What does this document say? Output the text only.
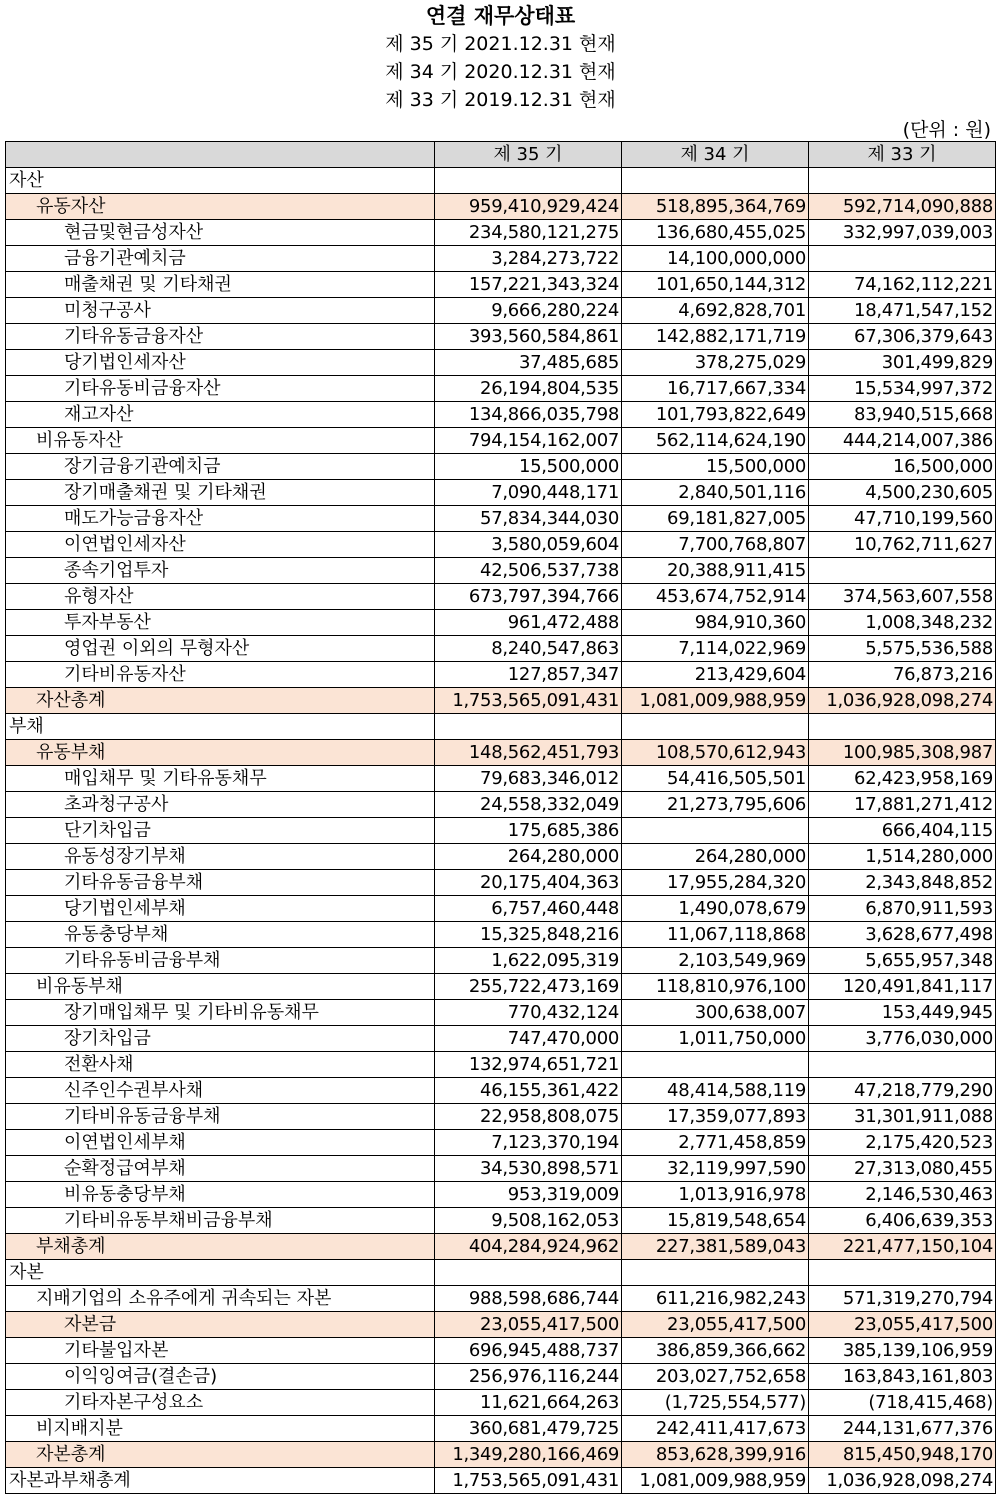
연결 재무상태표
제 35 기 2021.12.31 현재
제 34 기 2020.12.31 현재
제 33 기 2019.12.31 현재
(단위 : 원)
	제 35 기	제 34 기	제 33 기
자산			
유동자산	959,410,929,424	518,895,364,769	592,714,090,888
현금및현금성자산	234,580,121,275	136,680,455,025	332,997,039,003
금융기관예치금	3,284,273,722	14,100,000,000	
매출채권 및 기타채권	157,221,343,324	101,650,144,312	74,162,112,221
미청구공사	9,666,280,224	4,692,828,701	18,471,547,152
기타유동금융자산	393,560,584,861	142,882,171,719	67,306,379,643
당기법인세자산	37,485,685	378,275,029	301,499,829
기타유동비금융자산	26,194,804,535	16,717,667,334	15,534,997,372
재고자산	134,866,035,798	101,793,822,649	83,940,515,668
비유동자산	794,154,162,007	562,114,624,190	444,214,007,386
장기금융기관예치금	15,500,000	15,500,000	16,500,000
장기매출채권 및 기타채권	7,090,448,171	2,840,501,116	4,500,230,605
매도가능금융자산	57,834,344,030	69,181,827,005	47,710,199,560
이연법인세자산	3,580,059,604	7,700,768,807	10,762,711,627
종속기업투자	42,506,537,738	20,388,911,415	
유형자산	673,797,394,766	453,674,752,914	374,563,607,558
투자부동산	961,472,488	984,910,360	1,008,348,232
영업권 이외의 무형자산	8,240,547,863	7,114,022,969	5,575,536,588
기타비유동자산	127,857,347	213,429,604	76,873,216
자산총계	1,753,565,091,431	1,081,009,988,959	1,036,928,098,274
부채			
유동부채	148,562,451,793	108,570,612,943	100,985,308,987
매입채무 및 기타유동채무	79,683,346,012	54,416,505,501	62,423,958,169
초과청구공사	24,558,332,049	21,273,795,606	17,881,271,412
단기차입금	175,685,386		666,404,115
유동성장기부채	264,280,000	264,280,000	1,514,280,000
기타유동금융부채	20,175,404,363	17,955,284,320	2,343,848,852
당기법인세부채	6,757,460,448	1,490,078,679	6,870,911,593
유동충당부채	15,325,848,216	11,067,118,868	3,628,677,498
기타유동비금융부채	1,622,095,319	2,103,549,969	5,655,957,348
비유동부채	255,722,473,169	118,810,976,100	120,491,841,117
장기매입채무 및 기타비유동채무	770,432,124	300,638,007	153,449,945
장기차입금	747,470,000	1,011,750,000	3,776,030,000
전환사채	132,974,651,721		
신주인수권부사채	46,155,361,422	48,414,588,119	47,218,779,290
기타비유동금융부채	22,958,808,075	17,359,077,893	31,301,911,088
이연법인세부채	7,123,370,194	2,771,458,859	2,175,420,523
순확정급여부채	34,530,898,571	32,119,997,590	27,313,080,455
비유동충당부채	953,319,009	1,013,916,978	2,146,530,463
기타비유동부채비금융부채	9,508,162,053	15,819,548,654	6,406,639,353
부채총계	404,284,924,962	227,381,589,043	221,477,150,104
자본			
지배기업의 소유주에게 귀속되는 자본	988,598,686,744	611,216,982,243	571,319,270,794
자본금	23,055,417,500	23,055,417,500	23,055,417,500
기타불입자본	696,945,488,737	386,859,366,662	385,139,106,959
이익잉여금(결손금)	256,976,116,244	203,027,752,658	163,843,161,803
기타자본구성요소	11,621,664,263	(1,725,554,577)	(718,415,468)
비지배지분	360,681,479,725	242,411,417,673	244,131,677,376
자본총계	1,349,280,166,469	853,628,399,916	815,450,948,170
자본과부채총계	1,753,565,091,431	1,081,009,988,959	1,036,928,098,274
